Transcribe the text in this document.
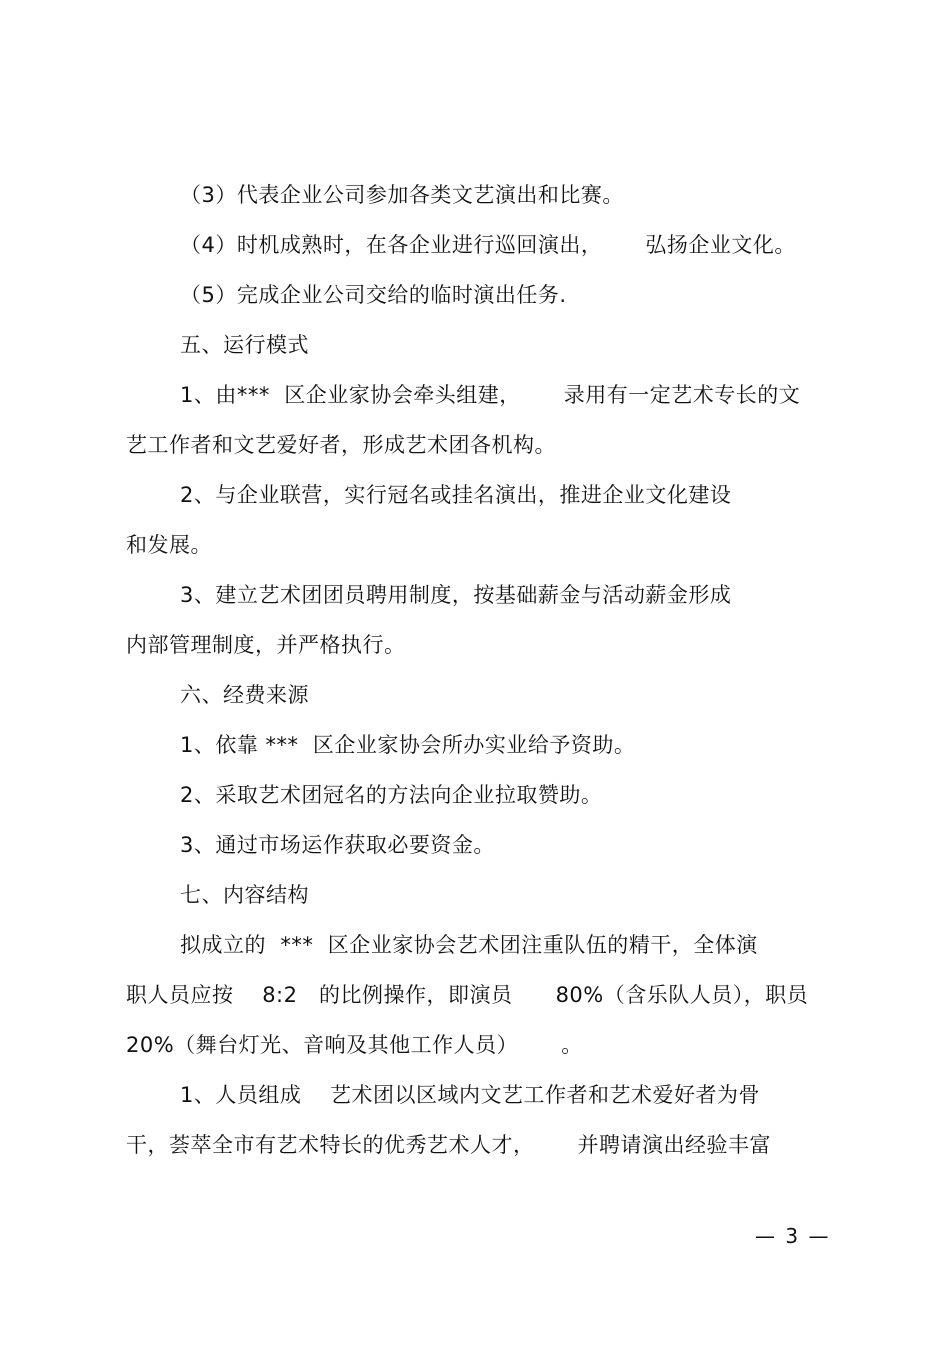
（3）代表企业公司参加各类文艺演出和比赛。
（4）时机成熟时，在各企业进行巡回演出，      弘扬企业文化。
（5）完成企业公司交给的临时演出任务.
五、运行模式
1、由***  区企业家协会牵头组建，      录用有一定艺术专长的文
艺工作者和文艺爱好者，形成艺术团各机构。
2、与企业联营，实行冠名或挂名演出，推进企业文化建设
和发展。
3、建立艺术团团员聘用制度，按基础薪金与活动薪金形成
内部管理制度，并严格执行。
六、经费来源
1、依靠 ***  区企业家协会所办实业给予资助。
2、采取艺术团冠名的方法向企业拉取赞助。
3、通过市场运作获取必要资金。
七、内容结构
拟成立的  ***  区企业家协会艺术团注重队伍的精干，全体演
职人员应按    8:2   的比例操作，即演员      80%（含乐队人员），职员
20%（舞台灯光、音响及其他工作人员）      。
1、人员组成    艺术团以区域内文艺工作者和艺术爱好者为骨
干，荟萃全市有艺术特长的优秀艺术人才，      并聘请演出经验丰富
— 3 —
